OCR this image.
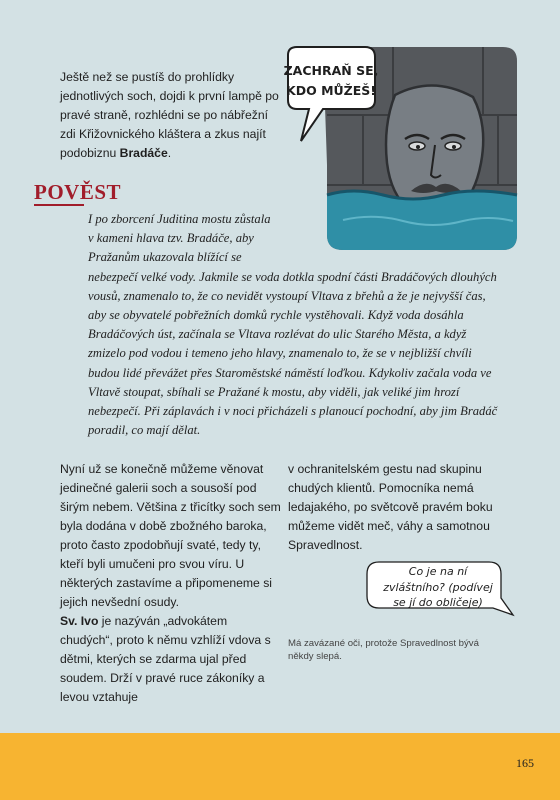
Ještě než se pustíš do prohlídky jednotlivých soch, dojdi k první lampě po pravé straně, rozhlédni se po nábřežní zdi Křižovnického kláštera a zkus najít podobiznu Bradáče.
ZACHRAŇ SE,
KDO MŮŽEŠ!
POVĚST

I po zborcení Juditina mostu zůstala

v kameni hlava tzv. Bradáče, aby

Pražanům ukazovala blížící se

nebezpečí velké vody. Jakmile se voda dotkla spodní části Bradáčových dlouhých vousů, znamenalo to, že co nevidět vystoupí Vltava z břehů a že je nejvyšší čas, aby se obyvatelé pobřežních domků rychle vystěhovali. Když voda dosáhla Bradáčových úst, začínala se Vltava rozlévat do ulic Starého Města, a když zmizelo pod vodou i temeno jeho hlavy, znamenalo to, že se v nejbližší chvíli budou lidé převážet přes Staroměstské náměstí loďkou. Kdykoliv začala voda ve Vltavě stoupat, sbíhali se Pražané k mostu, aby viděli, jak veliké jim hrozí nebezpečí. Při záplavách i v noci přicházeli s planoucí pochodní, aby jim Bradáč poradil, co mají dělat.

Nyní už se konečně můžeme věnovat jedinečné galerii soch a sousoší pod širým nebem. Většina z třicítky soch sem byla dodána v době zbožného baroka, proto často zpodobňují svaté, tedy ty, kteří byli umučeni pro svou víru. U některých zastavíme a připomeneme si jejich nevšední osudy.

Sv. Ivo je nazýván „advokátem chudých“, proto k němu vzhlíží vdova s dětmi, kterých se zdarma ujal před soudem. Drží v pravé ruce zákoníky a levou vztahuje

v ochranitelském gestu nad skupinu chudých klientů. Pomocníka nemá ledajakého, po světcově pravém boku můžeme vidět meč, váhy a samotnou Spravedlnost.

Co je na ní
zvláštního? (podívej
se jí do obličeje)
Má zavázané oči, protože Spravedlnost bývá někdy slepá.
165
